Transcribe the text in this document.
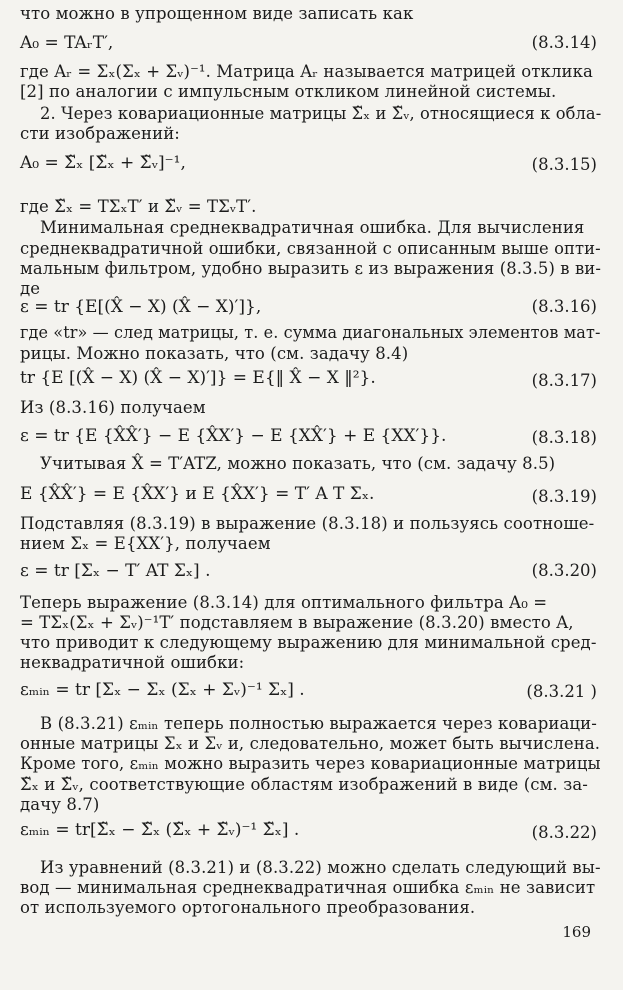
что можно в упрощенном виде записать как
A₀ = TAᵣT′,	(8.3.14)
где Aᵣ = Σₓ(Σₓ + Σᵥ)⁻¹. Матрица Aᵣ называется матрицей отклика
[2] по аналогии с импульсным откликом линейной системы.
2. Через ковариационные матрицы Σ̃ₓ и Σ̃ᵥ, относящиеся к обла-
сти изображений:
A₀ = Σ̃ₓ [Σ̃ₓ + Σ̃ᵥ]⁻¹,	(8.3.15)
где Σ̃ₓ = TΣₓT′ и Σ̃ᵥ = TΣᵥT′.
Минимальная среднеквадратичная ошибка. Для вычисления
среднеквадратичной ошибки, связанной с описанным выше опти-
мальным фильтром, удобно выразить ε из выражения (8.3.5) в ви-
де
ε = tr {E[(X̂ − X) (X̂ − X)′]},	(8.3.16)
где «tr» — след матрицы, т. е. сумма диагональных элементов мат-
рицы. Можно показать, что (см. задачу 8.4)
tr {E [(X̂ − X) (X̂ − X)′]} = E{‖ X̂ − X ‖²}.	(8.3.17)
Из (8.3.16) получаем
ε = tr {E {X̂X̂′} − E {X̂X′} − E {XX̂′} + E {XX′}}.	(8.3.18)
Учитывая X̂ = T′ATZ, можно показать, что (см. задачу 8.5)
E {X̂X̂′} = E {X̂X′} и E {X̂X′} = T′ A T Σₓ.	(8.3.19)
Подставляя (8.3.19) в выражение (8.3.18) и пользуясь соотноше-
нием Σₓ = E{XX′}, получаем
ε = tr [Σₓ − T′ AT Σₓ] .	(8.3.20)
Теперь выражение (8.3.14) для оптимального фильтра A₀ =
= TΣₓ(Σₓ + Σᵥ)⁻¹T′ подставляем в выражение (8.3.20) вместо A,
что приводит к следующему выражению для минимальной сред-
неквадратичной ошибки:
εₘᵢₙ = tr [Σₓ − Σₓ (Σₓ + Σᵥ)⁻¹ Σₓ] .	(8.3.21 )
В (8.3.21) εₘᵢₙ теперь полностью выражается через ковариаци-
онные матрицы Σₓ и Σᵥ и, следовательно, может быть вычислена.
Кроме того, εₘᵢₙ можно выразить через ковариационные матрицы
Σ̃ₓ и Σ̃ᵥ, соответствующие областям изображений в виде (см. за-
дачу 8.7)
εₘᵢₙ = tr[Σ̃ₓ − Σ̃ₓ (Σ̃ₓ + Σ̃ᵥ)⁻¹ Σ̃ₓ] .	(8.3.22)
Из уравнений (8.3.21) и (8.3.22) можно сделать следующий вы-
вод — минимальная среднеквадратичная ошибка εₘᵢₙ не зависит
от используемого ортогонального преобразования.
169
